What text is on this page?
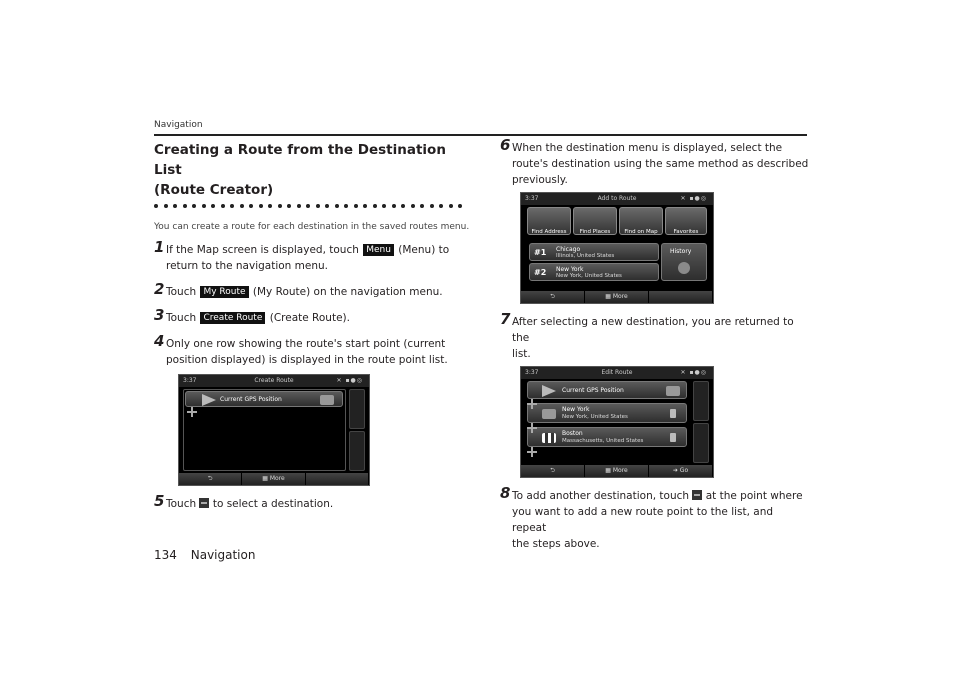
Navigation
Creating a Route from the Destination List
(Route Creator)
You can create a route for each destination in the saved routes menu.
1 If the Map screen is displayed, touch Menu (Menu) to
return to the navigation menu.
2 Touch My Route (My Route) on the navigation menu.
3 Touch Create Route (Create Route).
4 Only one row showing the route's start point (current
position displayed) is displayed in the route point list.
3:37	Create Route	✕ ▪●◎
Current GPS Position
⮌	▦ More
5 Touch to select a destination.
6 When the destination menu is displayed, select the
route's destination using the same method as described
previously.
3:37	Add to Route	✕ ▪●◎
Find Address	Find Places	Find on Map	Favorites
#1 Chicago
Illinois, United States
#2 New York
New York, United States
History
⮌	▦ More
7 After selecting a new destination, you are returned to the
list.
3:37	Edit Route	✕ ▪●◎
Current GPS Position
New York
New York, United States
Boston
Massachusetts, United States
⮌	▦ More	➜ Go
8 To add another destination, touch at the point where
you want to add a new route point to the list, and repeat
the steps above.
134 Navigation
